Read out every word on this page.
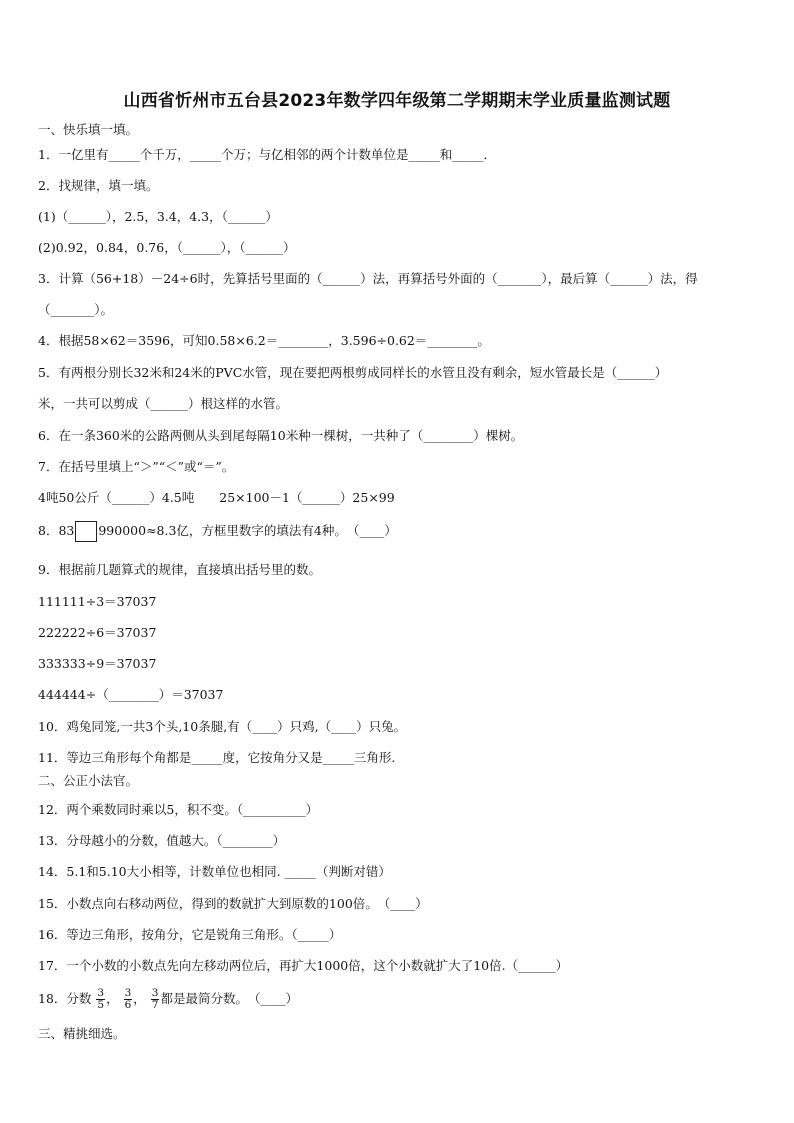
山西省忻州市五台县2023年数学四年级第二学期期末学业质量监测试题
一、快乐填一填。
1．一亿里有_____个千万，_____个万；与亿相邻的两个计数单位是_____和_____．
2．找规律，填一填。
(1)（______），2.5，3.4，4.3，（______）
(2)0.92，0.84，0.76，（______），（______）
3．计算（56+18）－24÷6时，先算括号里面的（______）法，再算括号外面的（_______），最后算（______）法，得
（_______）。
4．根据58×62＝3596，可知0.58×6.2＝________，3.596÷0.62＝________。
5．有两根分别长32米和24米的PVC水管，现在要把两根剪成同样长的水管且没有剩余，短水管最长是（______）
米，一共可以剪成（______）根这样的水管。
6．在一条360米的公路两侧从头到尾每隔10米种一棵树，一共种了（________）棵树。
7．在括号里填上“＞”“＜”或“＝”。
4吨50公斤（______）4.5吨　　25×100－1（______）25×99
8．83 990000≈8.3亿，方框里数字的填法有4种。　（____）
9．根据前几题算式的规律，直接填出括号里的数。
111111÷3＝37037
222222÷6＝37037
333333÷9＝37037
444444÷（________）＝37037
10．鸡兔同笼,一共3个头,10条腿,有（____）只鸡,（____）只兔。
11．等边三角形每个角都是_____度，它按角分又是_____三角形.
二、公正小法官。
12．两个乘数同时乘以5，积不变。（__________）
13．分母越小的分数，值越大。（________）
14．5.1和5.10大小相等，计数单位也相同. _____（判断对错）
15．小数点向右移动两位，得到的数就扩大到原数的100倍。　（____）
16．等边三角形，按角分，它是锐角三角形。（_____）
17．一个小数的小数点先向左移动两位后，再扩大1000倍，这个小数就扩大了10倍.（______）
18．分数 $\frac{3}{5}$ ， $\frac{3}{6}$ ， $\frac{3}{7}$ 都是最简分数。　（____）
三、精挑细选。
